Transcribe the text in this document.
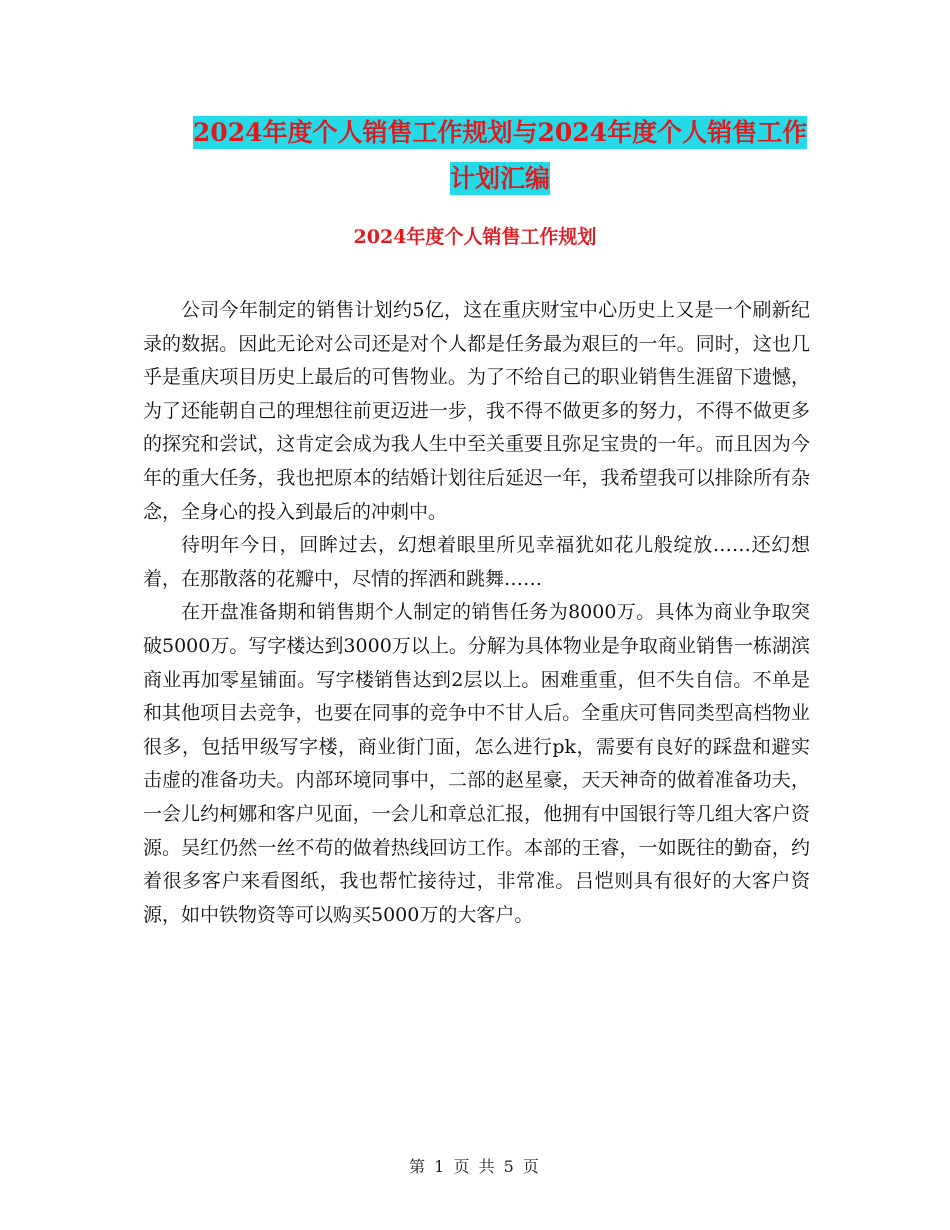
2024年度个人销售工作规划与2024年度个人销售工作
计划汇编
2024年度个人销售工作规划

公司今年制定的销售计划约5亿，这在重庆财宝中心历史上又是一个刷新纪录的数据。因此无论对公司还是对个人都是任务最为艰巨的一年。同时，这也几乎是重庆项目历史上最后的可售物业。为了不给自己的职业销售生涯留下遗憾，为了还能朝自己的理想往前更迈进一步，我不得不做更多的努力，不得不做更多的探究和尝试，这肯定会成为我人生中至关重要且弥足宝贵的一年。而且因为今年的重大任务，我也把原本的结婚计划往后延迟一年，我希望我可以排除所有杂念，全身心的投入到最后的冲刺中。

待明年今日，回眸过去，幻想着眼里所见幸福犹如花儿般绽放……还幻想着，在那散落的花瓣中，尽情的挥洒和跳舞……

在开盘准备期和销售期个人制定的销售任务为8000万。具体为商业争取突破5000万。写字楼达到3000万以上。分解为具体物业是争取商业销售一栋湖滨商业再加零星铺面。写字楼销售达到2层以上。困难重重，但不失自信。不单是和其他项目去竞争，也要在同事的竞争中不甘人后。全重庆可售同类型高档物业很多，包括甲级写字楼，商业街门面，怎么进行pk，需要有良好的踩盘和避实击虚的准备功夫。内部环境同事中，二部的赵星豪，天天神奇的做着准备功夫，一会儿约柯娜和客户见面，一会儿和章总汇报，他拥有中国银行等几组大客户资源。吴红仍然一丝不苟的做着热线回访工作。本部的王睿，一如既往的勤奋，约着很多客户来看图纸，我也帮忙接待过，非常准。吕恺则具有很好的大客户资源，如中铁物资等可以购买5000万的大客户。

第 1 页 共 5 页
